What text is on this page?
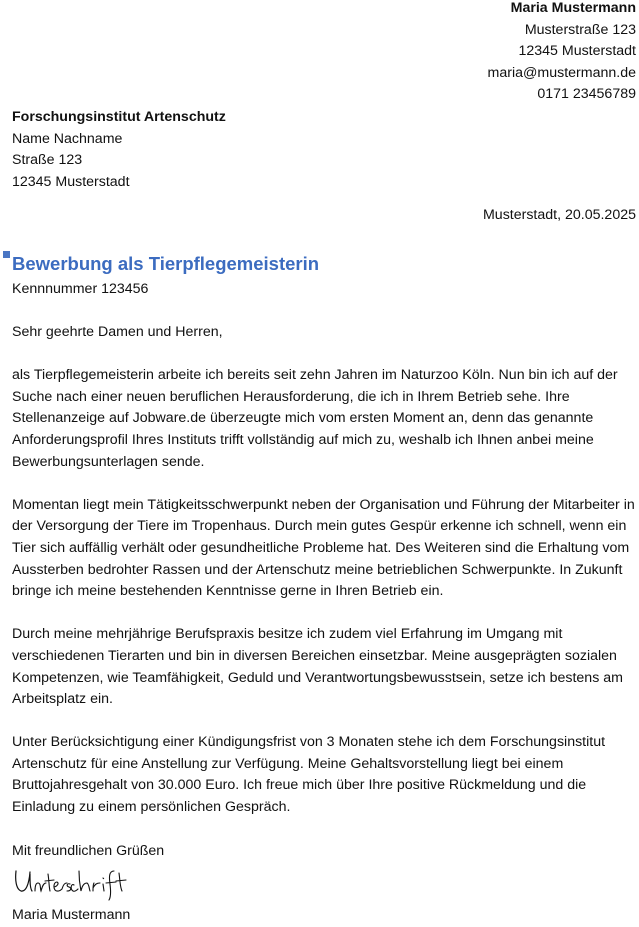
Maria Mustermann
Musterstraße 123
12345 Musterstadt
maria@mustermann.de
0171 23456789
Forschungsinstitut Artenschutz
Name Nachname
Straße 123
12345 Musterstadt
Musterstadt, 20.05.2025
Bewerbung als Tierpflegemeisterin
Kennnummer 123456

Sehr geehrte Damen und Herren,

als Tierpflegemeisterin arbeite ich bereits seit zehn Jahren im Naturzoo Köln. Nun bin ich auf der Suche nach einer neuen beruflichen Herausforderung, die ich in Ihrem Betrieb sehe. Ihre Stellenanzeige auf Jobware.de überzeugte mich vom ersten Moment an, denn das genannte Anforderungsprofil Ihres Instituts trifft vollständig auf mich zu, weshalb ich Ihnen anbei meine Bewerbungsunterlagen sende.

Momentan liegt mein Tätigkeitsschwerpunkt neben der Organisation und Führung der Mitarbeiter in der Versorgung der Tiere im Tropenhaus. Durch mein gutes Gespür erkenne ich schnell, wenn ein Tier sich auffällig verhält oder gesundheitliche Probleme hat. Des Weiteren sind die Erhaltung vom Aussterben bedrohter Rassen und der Artenschutz meine betrieblichen Schwerpunkte. In Zukunft bringe ich meine bestehenden Kenntnisse gerne in Ihren Betrieb ein.

Durch meine mehrjährige Berufspraxis besitze ich zudem viel Erfahrung im Umgang mit verschiedenen Tierarten und bin in diversen Bereichen einsetzbar. Meine ausgeprägten sozialen Kompetenzen, wie Teamfähigkeit, Geduld und Verantwortungsbewusstsein, setze ich bestens am Arbeitsplatz ein.

Unter Berücksichtigung einer Kündigungsfrist von 3 Monaten stehe ich dem Forschungsinstitut Artenschutz für eine Anstellung zur Verfügung. Meine Gehaltsvorstellung liegt bei einem Bruttojahresgehalt von 30.000 Euro. Ich freue mich über Ihre positive Rückmeldung und die Einladung zu einem persönlichen Gespräch.

Mit freundlichen Grüßen
Maria Mustermann
